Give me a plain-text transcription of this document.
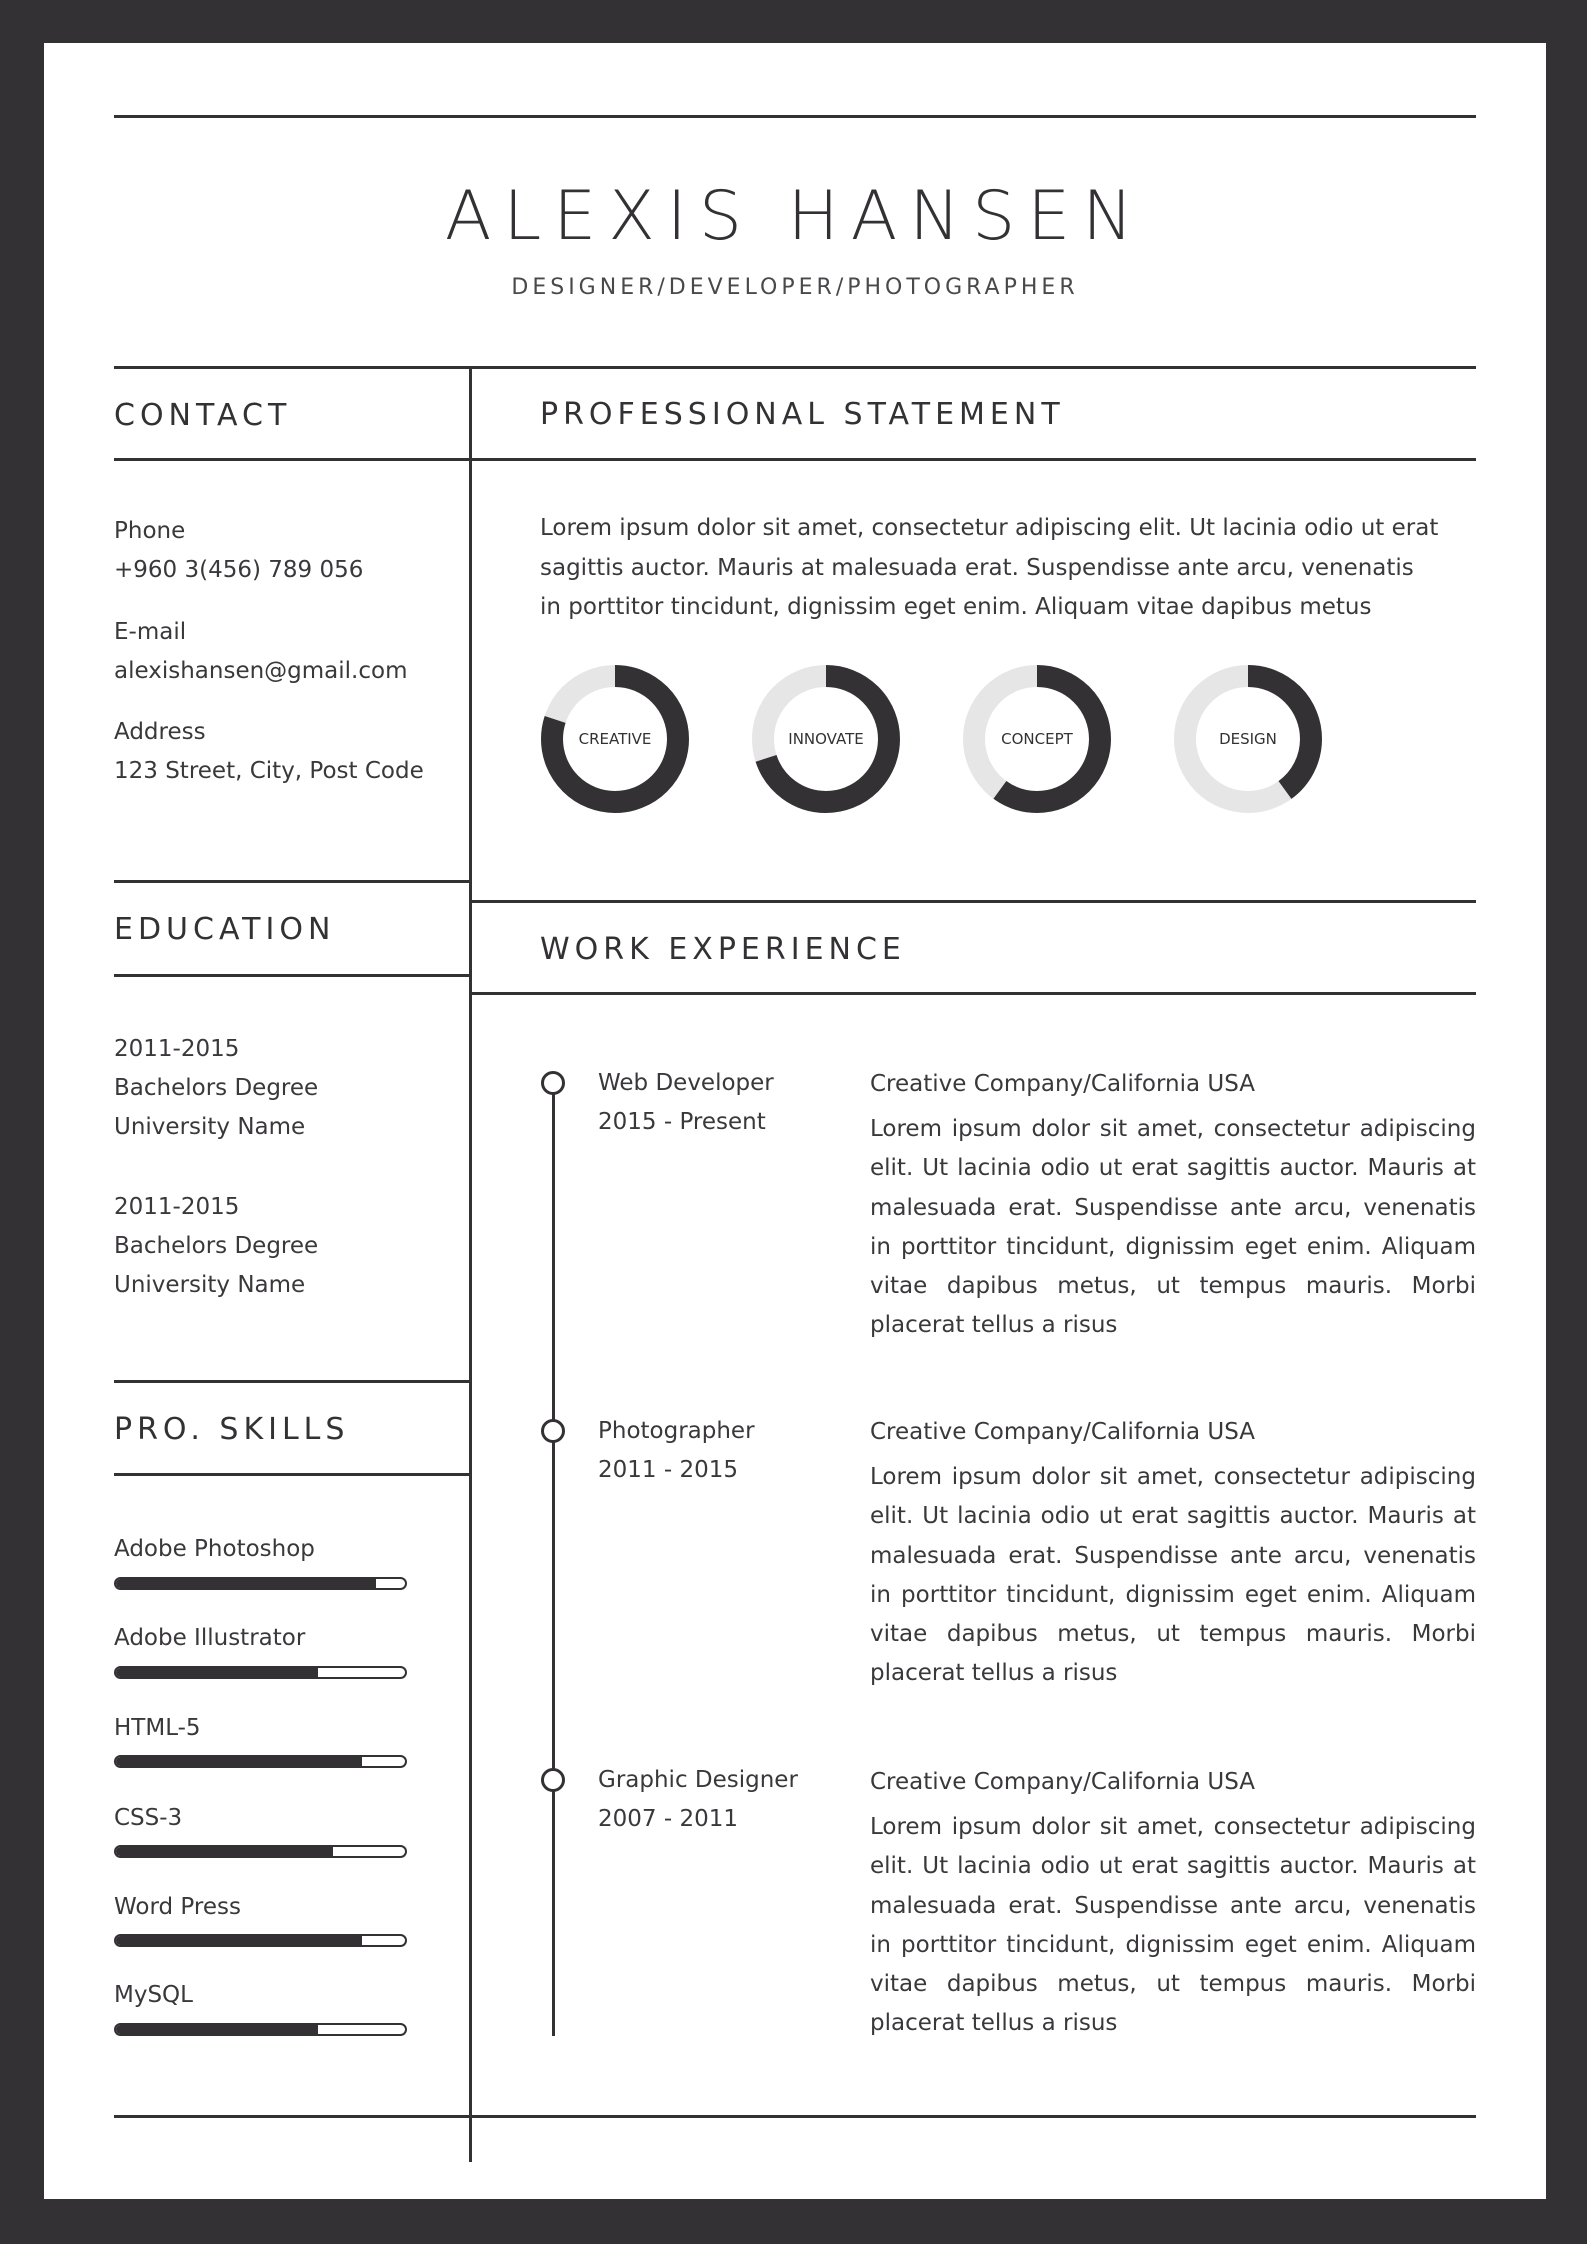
ALEXIS HANSEN
DESIGNER/DEVELOPER/PHOTOGRAPHER
CONTACT
Phone
+960 3(456) 789 056
E-mail
alexishansen@gmail.com
Address
123 Street, City, Post Code
EDUCATION
2011-2015
Bachelors Degree
University Name
2011-2015
Bachelors Degree
University Name
PRO. SKILLS
Adobe Photoshop
Adobe Illustrator
HTML-5
CSS-3
Word Press
MySQL
PROFESSIONAL STATEMENT
Lorem ipsum dolor sit amet, consectetur adipiscing elit. Ut lacinia odio ut erat sagittis auctor. Mauris at malesuada erat. Suspendisse ante arcu, venenatis in porttitor tincidunt, dignissim eget enim. Aliquam vitae dapibus metus
CREATIVE	INNOVATE	CONCEPT	DESIGN
WORK EXPERIENCE
Web Developer
2015 - Present
Creative Company/California USA
Lorem ipsum dolor sit amet, consectetur adipiscing elit. Ut lacinia odio ut erat sagittis auctor. Mauris at malesuada erat. Suspendisse ante arcu, venenatis in porttitor tincidunt, dignissim eget enim. Aliquam vitae dapibus metus, ut tempus mauris. Morbi placerat tellus a risus
Photographer
2011 - 2015
Creative Company/California USA
Lorem ipsum dolor sit amet, consectetur adipiscing elit. Ut lacinia odio ut erat sagittis auctor. Mauris at malesuada erat. Suspendisse ante arcu, venenatis in porttitor tincidunt, dignissim eget enim. Aliquam vitae dapibus metus, ut tempus mauris. Morbi placerat tellus a risus
Graphic Designer
2007 - 2011
Creative Company/California USA
Lorem ipsum dolor sit amet, consectetur adipiscing elit. Ut lacinia odio ut erat sagittis auctor. Mauris at malesuada erat. Suspendisse ante arcu, venenatis in porttitor tincidunt, dignissim eget enim. Aliquam vitae dapibus metus, ut tempus mauris. Morbi placerat tellus a risus
